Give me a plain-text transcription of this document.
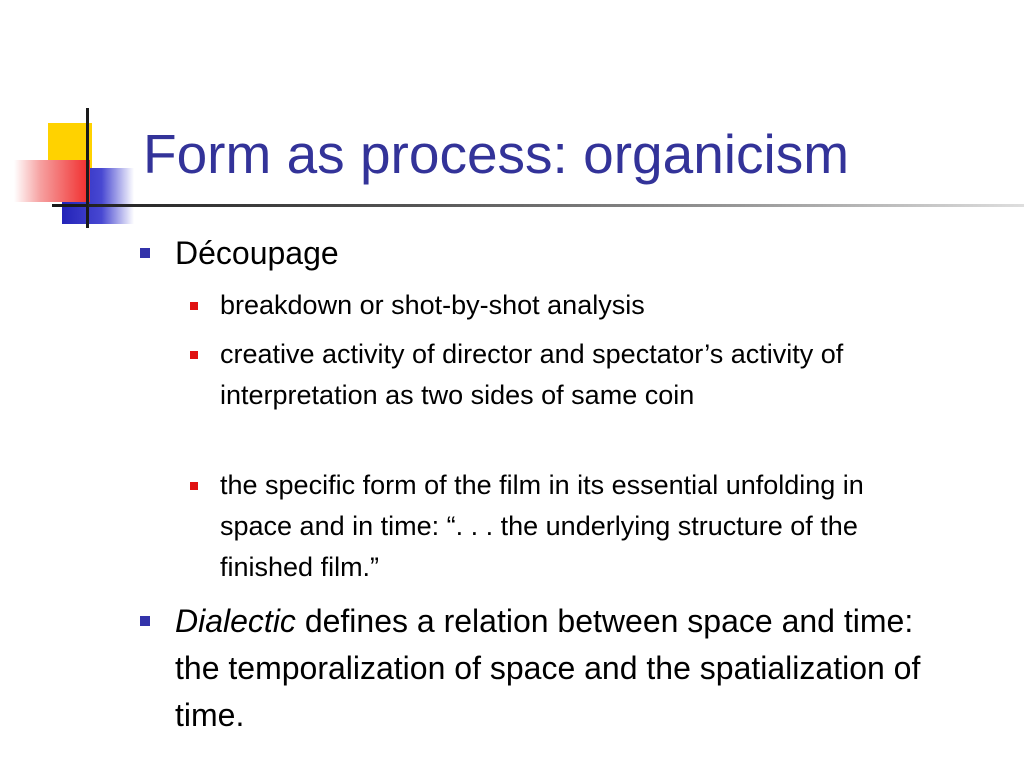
Form as process: organicism
Découpage
breakdown or shot-by-shot analysis
creative activity of director and spectator’s activity of interpretation as two sides of same coin
the specific form of the film in its essential unfolding in space and in time: “. . . the underlying structure of the finished film.”
Dialectic defines a relation between space and time: the temporalization of space and the spatialization of time.
